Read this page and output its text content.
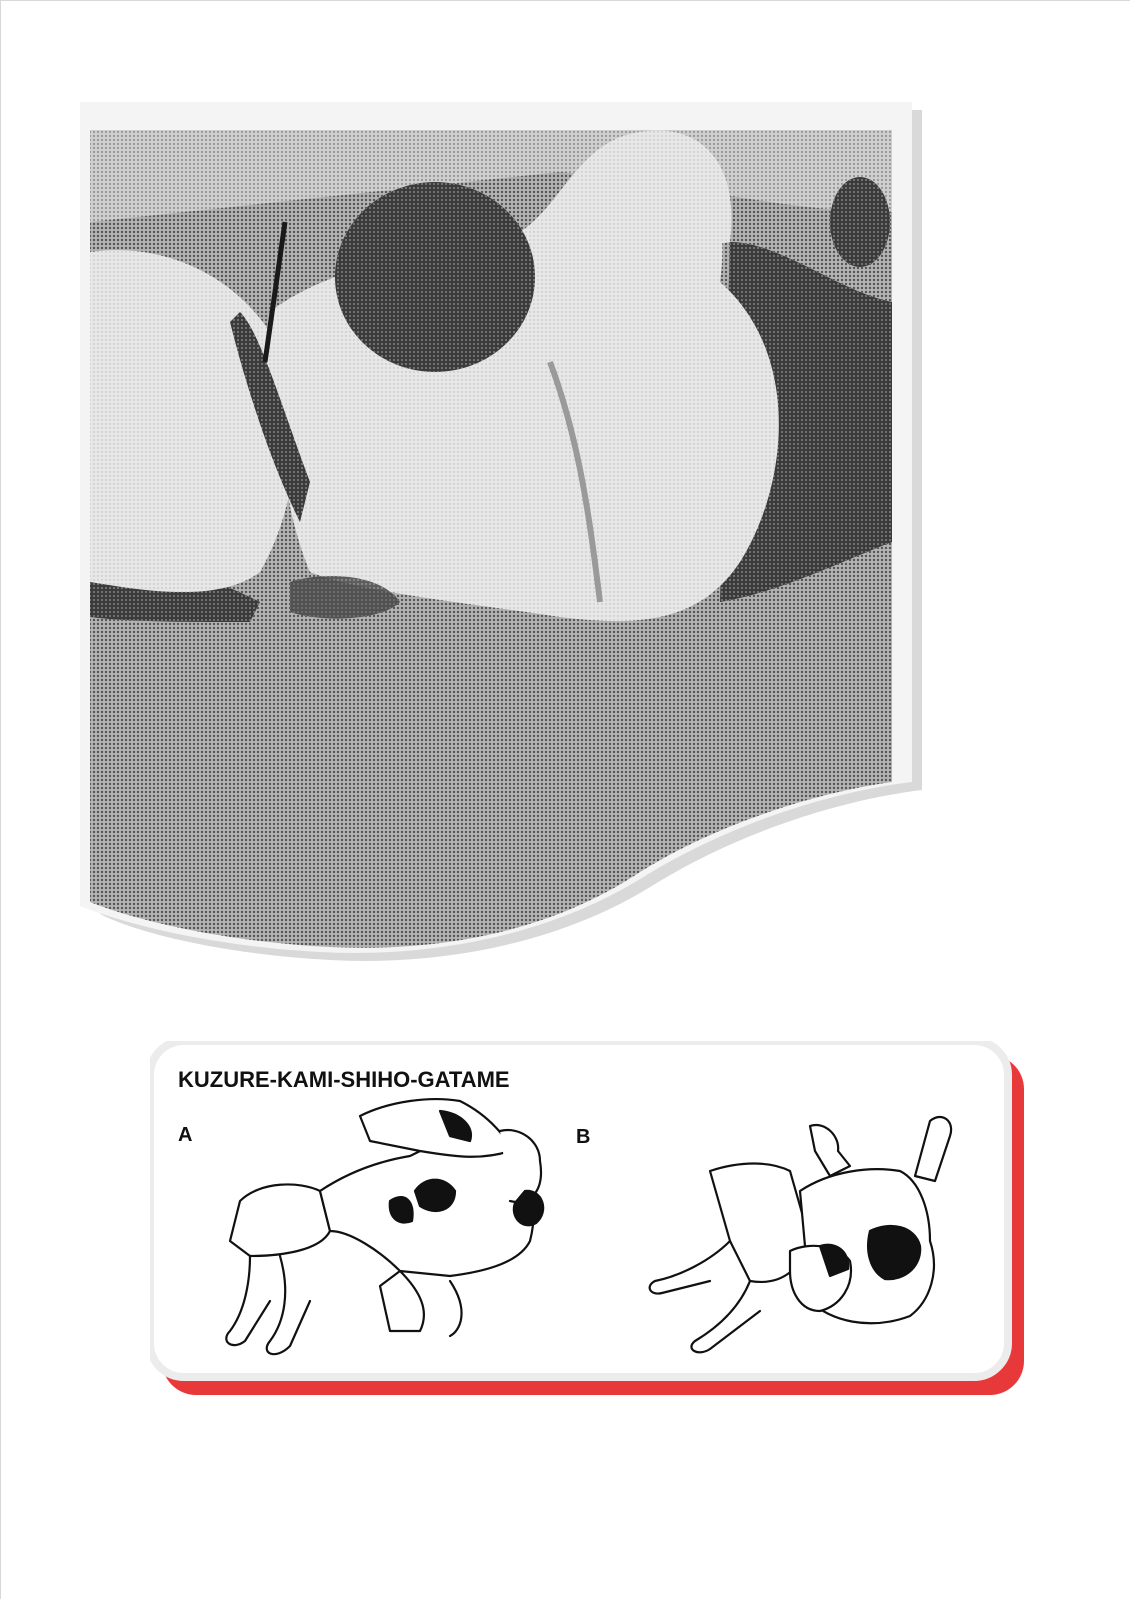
KUZURE-KAMI-SHIHO-GATAME
A	B
